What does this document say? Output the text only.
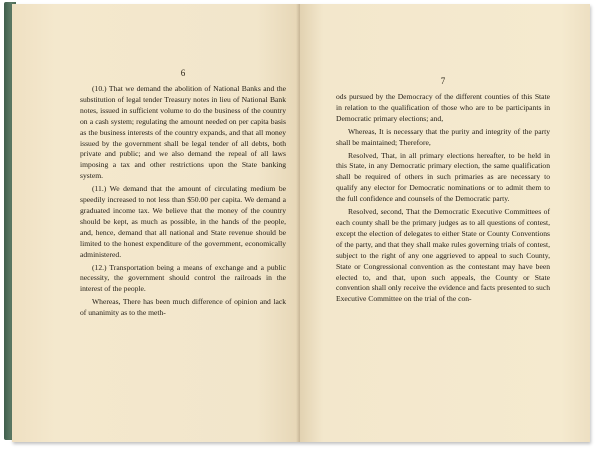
6

(10.) That we demand the abolition of National Banks and the substitution of legal tender Treasury notes in lieu of National Bank notes, issued in sufficient volume to do the business of the country on a cash system; regulating the amount needed on per capita basis as the business interests of the country expands, and that all money issued by the government shall be legal tender of all debts, both private and public; and we also demand the repeal of all laws imposing a tax and other restrictions upon the State banking system.

(11.) We demand that the amount of circulating medium be speedily increased to not less than $50.00 per capita. We demand a graduated income tax. We believe that the money of the country should be kept, as much as possible, in the hands of the people, and, hence, demand that all national and State revenue should be limited to the honest expenditure of the government, economically administered.

(12.) Transportation being a means of exchange and a public necessity, the government should control the railroads in the interest of the people.

Whereas, There has been much difference of opinion and lack of unanimity as to the meth-

7

ods pursued by the Democracy of the different counties of this State in relation to the qualification of those who are to be participants in Democratic primary elections; and,

Whereas, It is necessary that the purity and integrity of the party shall be maintained; Therefore,

Resolved, That, in all primary elections hereafter, to be held in this State, in any Democratic primary election, the same qualification shall be required of others in such primaries as are necessary to qualify any elector for Democratic nominations or to admit them to the full confidence and counsels of the Democratic party.

Resolved, second, That the Democratic Executive Committees of each county shall be the primary judges as to all questions of contest, except the election of delegates to either State or County Conventions of the party, and that they shall make rules governing trials of contest, subject to the right of any one aggrieved to appeal to such County, State or Congressional convention as the contestant may have been elected to, and that, upon such appeals, the County or State convention shall only receive the evidence and facts presented to such Executive Committee on the trial of the con-
